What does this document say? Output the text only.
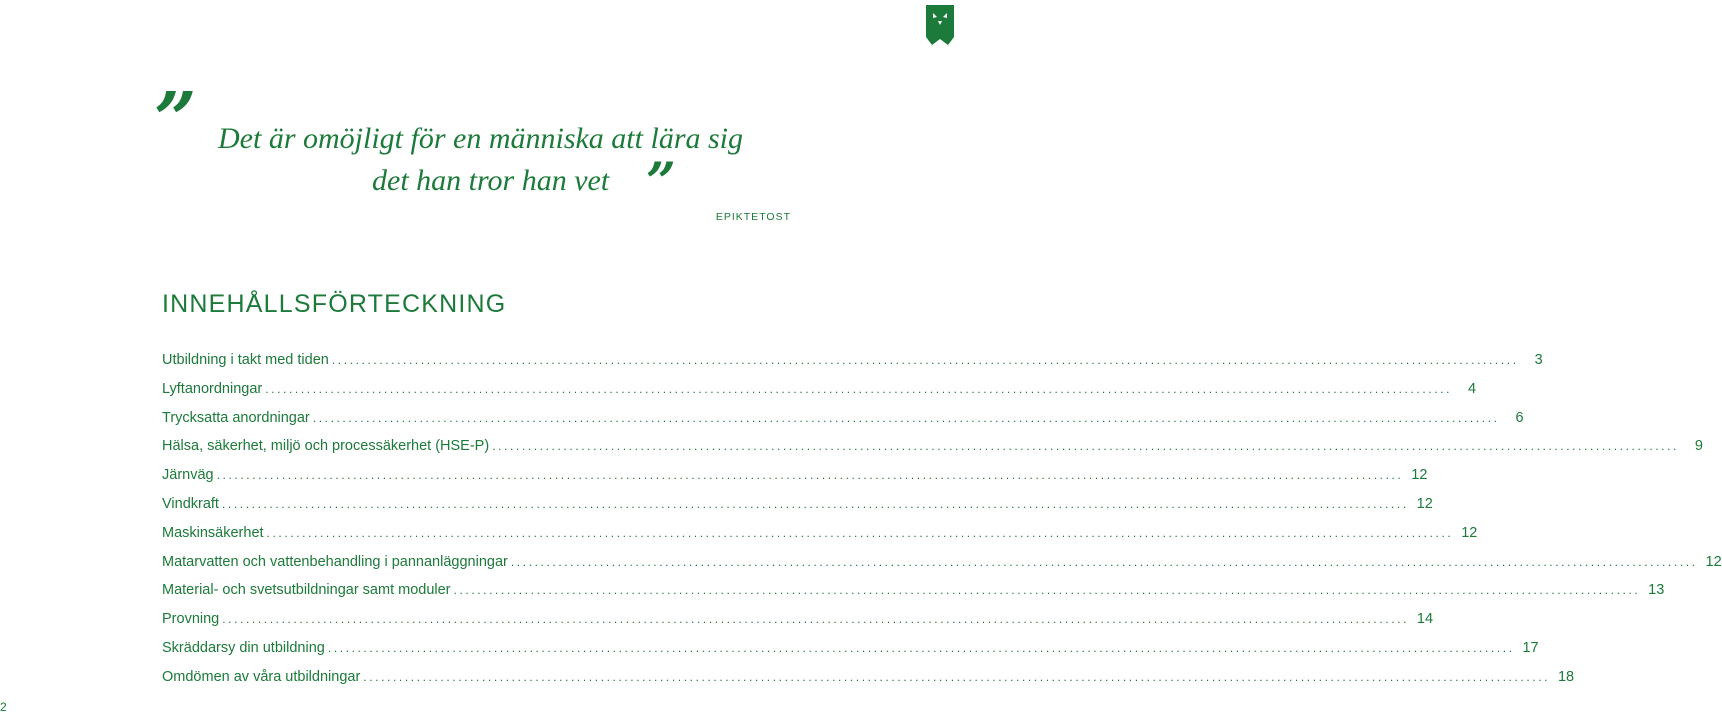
” Det är omöjligt för en människa att lära sig
det han tror han vet ”
EPIKTETOST
INNEHÅLLSFÖRTECKNING
Utbildning i takt med tiden ........................................................................................................................................................................................................	3
Lyftanordningar ........................................................................................................................................................................................................	4
Trycksatta anordningar ........................................................................................................................................................................................................	6
Hälsa, säkerhet, miljö och processäkerhet (HSE-P) ........................................................................................................................................................................................................	9
Järnväg ........................................................................................................................................................................................................ 12
Vindkraft ........................................................................................................................................................................................................ 12
Maskinsäkerhet ........................................................................................................................................................................................................ 12
Matarvatten och vattenbehandling i pannanläggningar ........................................................................................................................................................................................................ 12
Material- och svetsutbildningar samt moduler ........................................................................................................................................................................................................ 13
Provning ........................................................................................................................................................................................................ 14
Skräddarsy din utbildning ........................................................................................................................................................................................................ 17
Omdömen av våra utbildningar ........................................................................................................................................................................................................ 18
2
